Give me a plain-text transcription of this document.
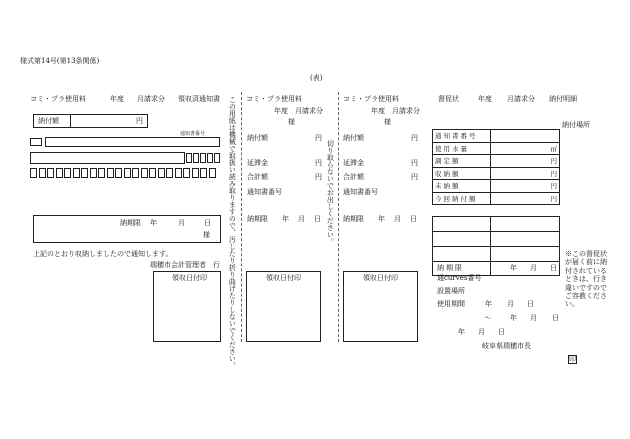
様式第14号(第13条関係)
(表)
コミ・プラ使用料	年度 月請求分 領収済通知書
納付額	円
通知書番号
納期限 年	月	日
様
上記のとおり収納しましたので通知します。
瑞穂市会計管理者　行
領収日付印	この用紙は機械で取扱い読み取りますので、汚したり折り曲げたりしないでください。 コミ・プラ使用料
年度 月請求分
様
納付額	円
延滞金	円
合計額	円
通知書番号
納期限 年 月 日
領収日付印
切り取らないでお出しください。
コミ・プラ使用料
年度 月請求分
様
納付額	円
延滞金	円
合計額	円
通知書番号
納期限 年 月 日
領収日付印
督促状	年度 月請求分 納付明細
納付場所
通知書番号	
使用水量	㎥
調定額	円
収納額	円
未納額	円
今回納付額	円
納期限	年 月 日
※この督促状
が届く前に納
付されている
ときは、行き
違いですので
ご容赦くださ
い。
通curves番号
設置場所
使用期間	年 月 日
〜	年 月 日
年 月 日
岐阜県瑞穂市長
印
